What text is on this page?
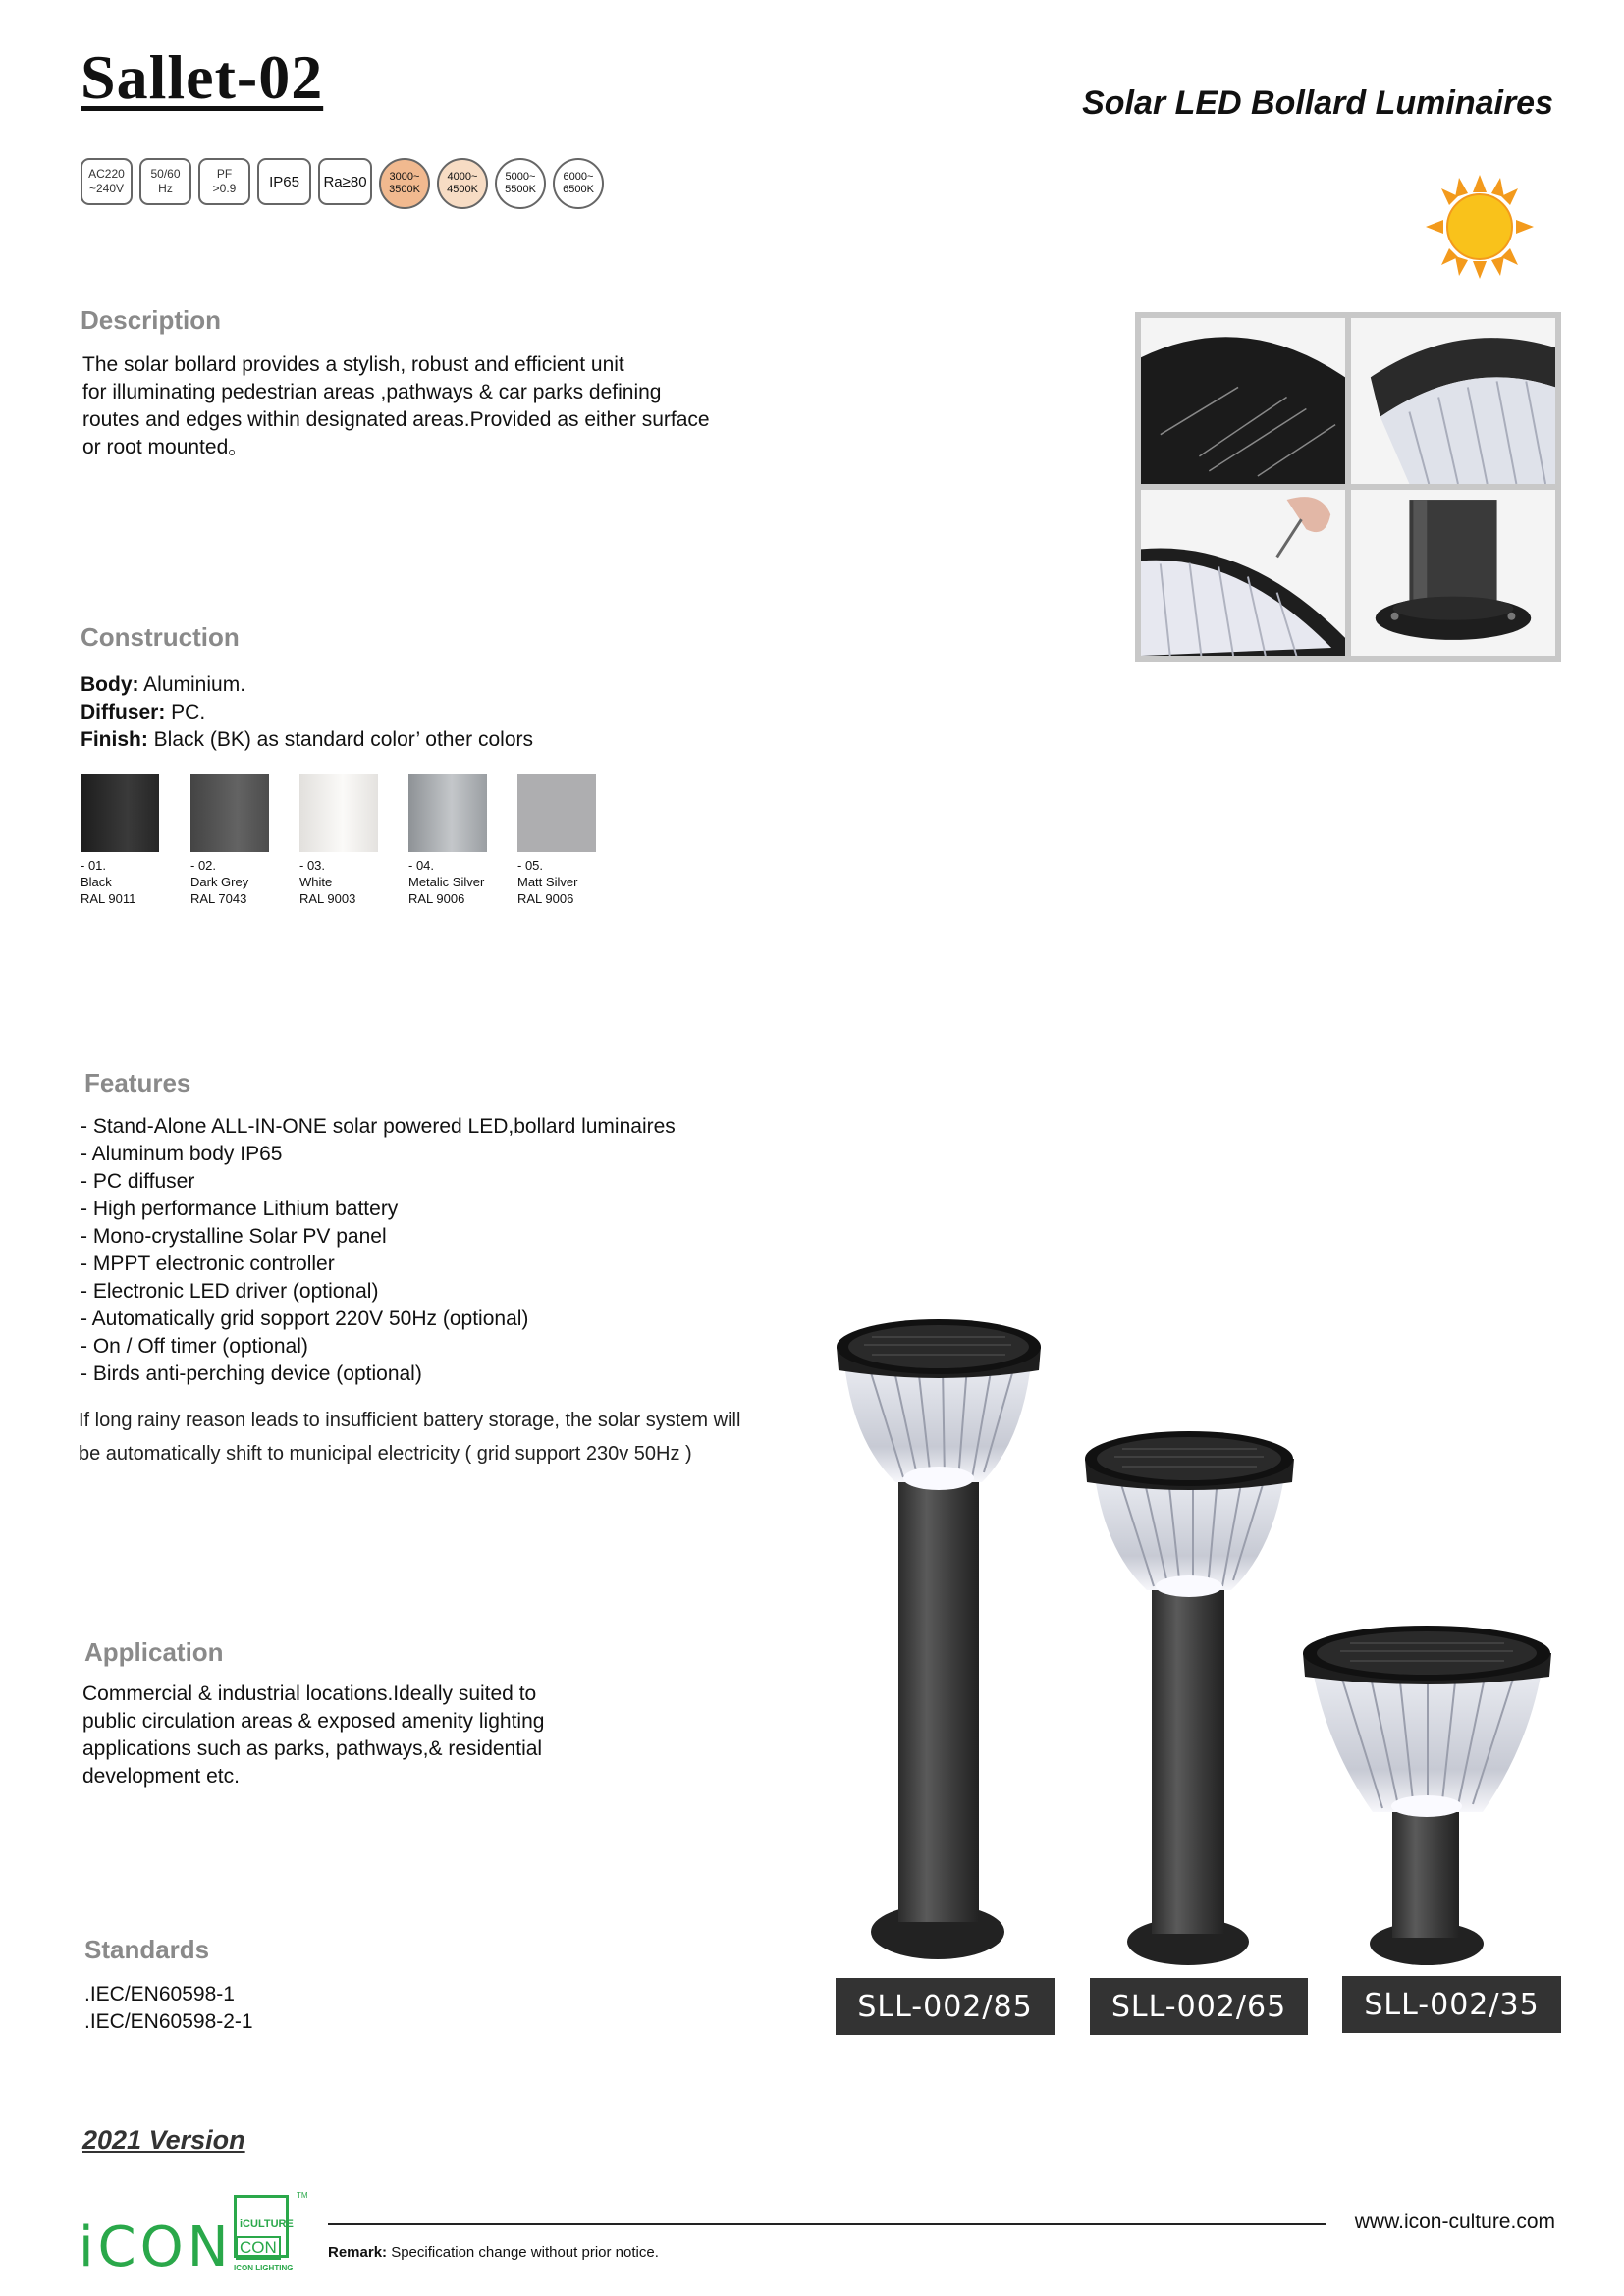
Sallet-02	Solar LED Bollard Luminaires
AC220
~240V
50/60
Hz
PF
>0.9	IP65	Ra≥80	3000~
3500K
4000~
4500K
5000~
5500K
6000~
6500K
Description
The solar bollard provides a stylish, robust and efficient unit
for illuminating pedestrian areas ,pathways & car parks defining
routes and edges within designated areas.Provided as either surface
or root mounted。
Construction
Body: Aluminium.
Diffuser: PC.
Finish: Black (BK) as standard color’ other colors
- 01.
Black
RAL 9011
- 02.
Dark Grey
RAL 7043
- 03.
White
RAL 9003
- 04.
Metalic Silver
RAL 9006
- 05.
Matt Silver
RAL 9006
Features
- Stand-Alone ALL-IN-ONE solar powered LED,bollard luminaires
- Aluminum body IP65
- PC diffuser
- High performance Lithium battery
- Mono-crystalline Solar PV panel
- MPPT electronic controller
- Electronic LED driver (optional)
- Automatically grid sopport 220V 50Hz (optional)
- On / Off timer (optional)
- Birds anti-perching device (optional)
If long rainy reason leads to insufficient battery storage, the solar system will
be automatically shift to municipal electricity ( grid support 230v 50Hz )
Application
Commercial & industrial locations.Ideally suited to
public circulation areas & exposed amenity lighting
applications such as parks, pathways,& residential
development etc.
Standards
.IEC/EN60598-1
.IEC/EN60598-2-1	SLL-002/85	SLL-002/65	SLL-002/35
2021 Version
iCON iCULTURE
CON
ICON LIGHTING
TM
www.icon-culture.com
Remark: Specification change without prior notice.
